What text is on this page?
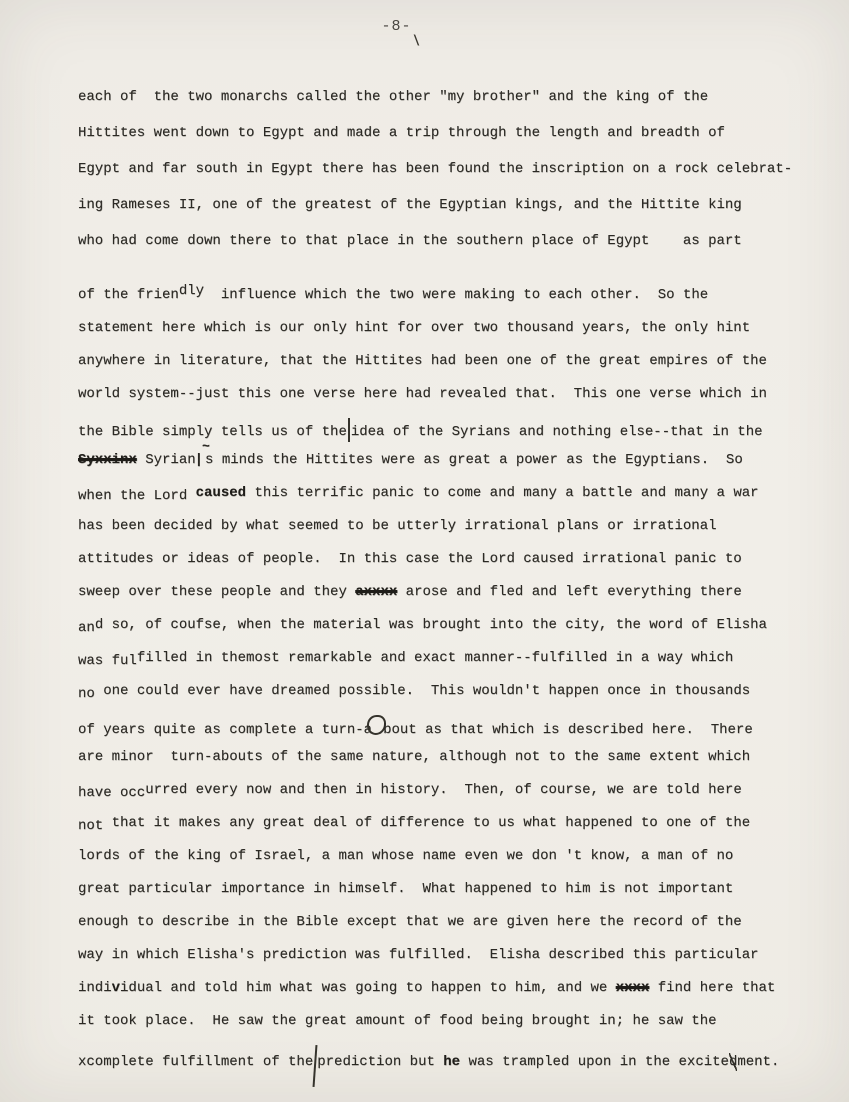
-8-
\
each of  the two monarchs called the other "my brother" and the king of the
Hittites went down to Egypt and made a trip through the length and breadth of
Egypt and far south in Egypt there has been found the inscription on a rock celebrat-
ing Rameses II, one of the greatest of the Egyptian kings, and the Hittite king
who had come down there to that place in the southern place of Egypt    as part
of the friendly  influence which the two were making to each other.  So the
statement here which is our only hint for over two thousand years, the only hint
anywhere in literature, that the Hittites had been one of the great empires of the
world system--just this one verse here had revealed that.  This one verse which in
the Bible simply tells us of the idea of the Syrians and nothing else--that in the
Syxxinx Syrian|~s minds the Hittites were as great a power as the Egyptians.  So
when the Lord caused this terrific panic to come and many a battle and many a war
has been decided by what seemed to be utterly irrational plans or irrational
attitudes or ideas of people.  In this case the Lord caused irrational panic to
sweep over these people and they axxxx arose and fled and left everything there
and so, of coufse, when the material was brought into the city, the word of Elisha
was fulfilled in themost remarkable and exact manner--fulfilled in a way which
no one could ever have dreamed possible.  This wouldn't happen once in thousands
of years quite as complete a turn-a bout as that which is described here.  There
are minor  turn-abouts of the same nature, although not to the same extent which
have occurred every now and then in history.  Then, of course, we are told here
not that it makes any great deal of difference to us what happened to one of the
lords of the king of Israel, a man whose name even we don 't know, a man of no
great particular importance in himself.  What happened to him is not important
enough to describe in the Bible except that we are given here the record of the
way in which Elisha's prediction was fulfilled.  Elisha described this particular
individual and told him what was going to happen to him, and we xxxx find here that
it took place.  He saw the great amount of food being brought in; he saw the
xcomplete fulfillment of the prediction but he was trampled upon in the excitedment.
